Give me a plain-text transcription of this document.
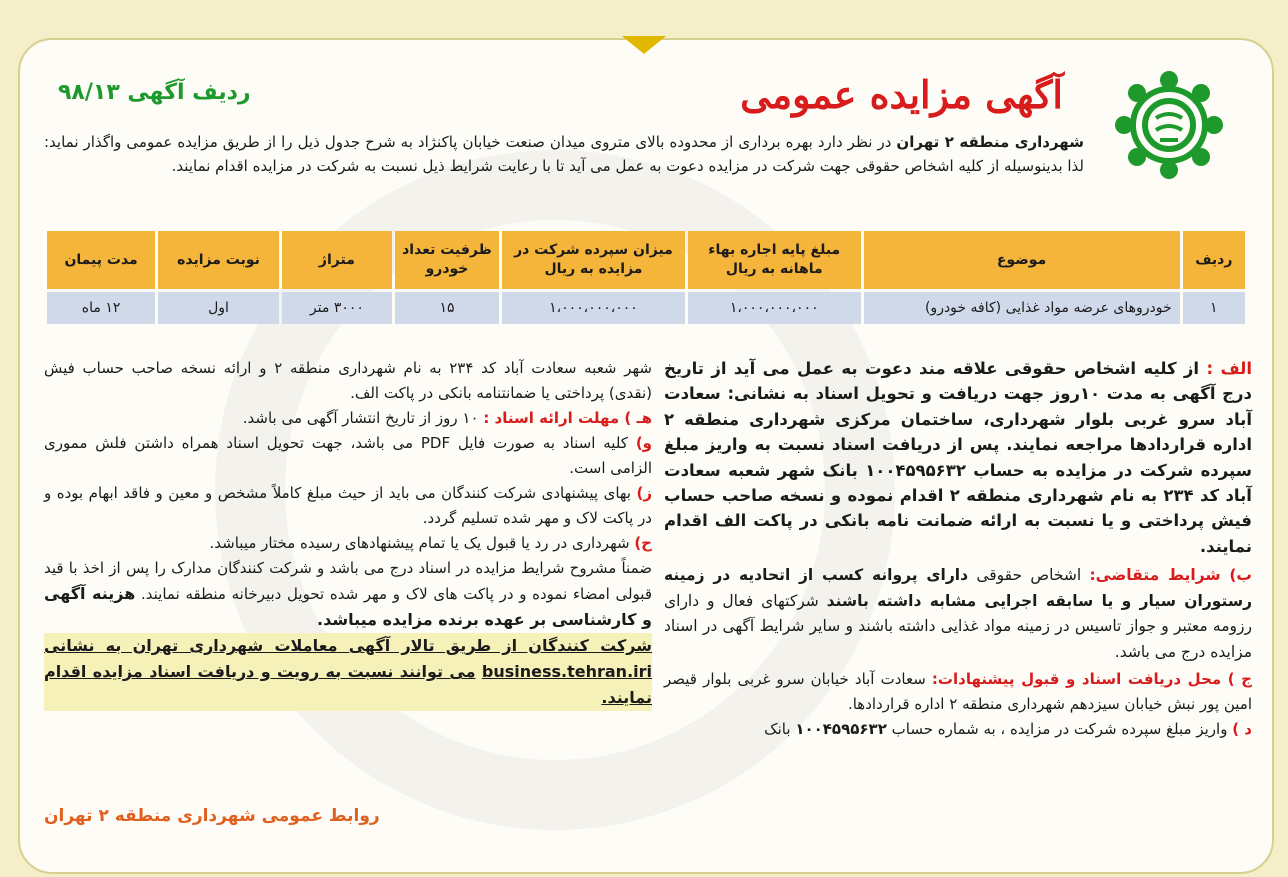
آگهی مزایده عمومی
ردیف آگهی ۹۸/۱۳
شهرداری منطقه ۲ تهران در نظر دارد بهره برداری از محدوده بالای متروی میدان صنعت خیابان پاکنژاد به شرح جدول ذیل را از طریق مزایده عمومی واگذار نماید: لذا بدینوسیله از کلیه اشخاص حقوقی جهت شرکت در مزایده دعوت به عمل می آید تا با رعایت شرایط ذیل نسبت به شرکت در مزایده اقدام نمایند.
ردیف	موضوع	مبلغ پایه اجاره بهاء ماهانه به ریال	میزان سپرده شرکت در مزایده به ریال	ظرفیت تعداد خودرو	متراژ	نوبت مزایده	مدت پیمان
۱	خودروهای عرضه مواد غذایی (کافه خودرو)	۱،۰۰۰،۰۰۰،۰۰۰	۱،۰۰۰،۰۰۰،۰۰۰	۱۵	۳۰۰۰ متر	اول	۱۲ ماه

الف : از کلیه اشخاص حقوقی علاقه مند دعوت به عمل می آید از تاریخ درج آگهی به مدت ۱۰روز جهت دریافت و تحویل اسناد به نشانی: سعادت آباد سرو غربی بلوار شهرداری، ساختمان مرکزی شهرداری منطقه ۲ اداره قراردادها مراجعه نمایند. پس از دریافت اسناد نسبت به واریز مبلغ سپرده شرکت در مزایده به حساب ۱۰۰۴۵۹۵۶۳۲ بانک شهر شعبه سعادت آباد کد ۲۳۴ به نام شهرداری منطقه ۲ اقدام نموده و نسخه صاحب حساب فیش پرداختی و یا نسبت به ارائه ضمانت نامه بانکی در پاکت الف اقدام نمایند.

ب) شرایط متقاضی: اشخاص حقوقی دارای پروانه کسب از اتحادیه در زمینه رستوران سیار و یا سابقه اجرایی مشابه داشته باشند شرکتهای فعال و دارای رزومه معتبر و جواز تاسیس در زمینه مواد غذایی داشته باشند و سایر شرایط آگهی در اسناد مزایده درج می باشد.

ج ) محل دریافت اسناد و قبول پیشنهادات: سعادت آباد خیابان سرو غربی بلوار قیصر امین پور نبش خیابان سیزدهم شهرداری منطقه ۲ اداره قراردادها.

د ) واریز مبلغ سپرده شرکت در مزایده ، به شماره حساب ۱۰۰۴۵۹۵۶۳۲ بانک

شهر شعبه سعادت آباد کد ۲۳۴ به نام شهرداری منطقه ۲ و ارائه نسخه صاحب حساب فیش (نقدی) پرداختی یا ضمانتنامه بانکی در پاکت الف.

هـ ) مهلت ارائه اسناد : ۱۰ روز از تاریخ انتشار آگهی می باشد.

و) کلیه اسناد به صورت فایل PDF می باشد، جهت تحویل اسناد همراه داشتن فلش مموری الزامی است.

ز) بهای پیشنهادی شرکت کنندگان می باید از حیث مبلغ کاملاً مشخص و معین و فاقد ابهام بوده و در پاکت لاک و مهر شده تسلیم گردد.

ح) شهرداری در رد یا قبول یک یا تمام پیشنهادهای رسیده مختار میباشد.

ضمناً مشروح شرایط مزایده در اسناد درج می باشد و شرکت کنندگان مدارک را پس از اخذ با قید قبولی امضاء نموده و در پاکت های لاک و مهر شده تحویل دبیرخانه منطقه نمایند. هزینه آگهی و کارشناسی بر عهده برنده مزایده میباشد.

شرکت کنندگان از طریق تالار آگهی معاملات شهرداری تهران به نشانی business.tehran.iri می توانند نسبت به رویت و دریافت اسناد مزایده اقدام نمایند.

روابط عمومی شهرداری منطقه ۲ تهران
